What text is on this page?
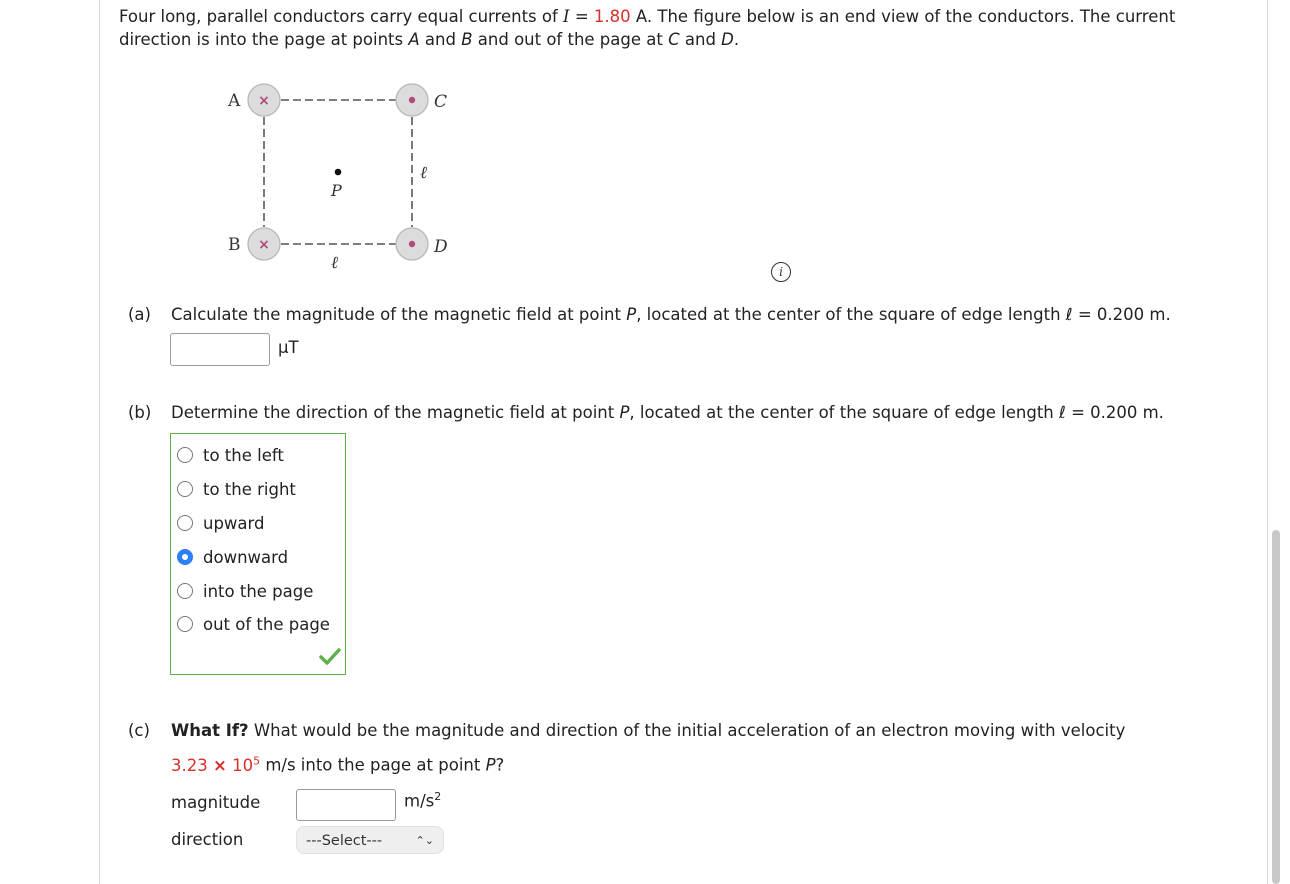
Four long, parallel conductors carry equal currents of I = 1.80 A. The figure below is an end view of the conductors. The current direction is into the page at points A and B and out of the page at C and D.
×
×
A
B
C
D
P
ℓ
ℓ	i
(a) Calculate the magnitude of the magnetic field at point P, located at the center of the square of edge length ℓ = 0.200 m.
μT
(b) Determine the direction of the magnetic field at point P, located at the center of the square of edge length ℓ = 0.200 m.
to the left
to the right
upward
downward
into the page
out of the page
(c) What If? What would be the magnitude and direction of the initial acceleration of an electron moving with velocity
$3.23 \times 10^5$ m/s into the page at point P?
magnitude	$m/s^2$
direction	---Select---	⌃⌄
